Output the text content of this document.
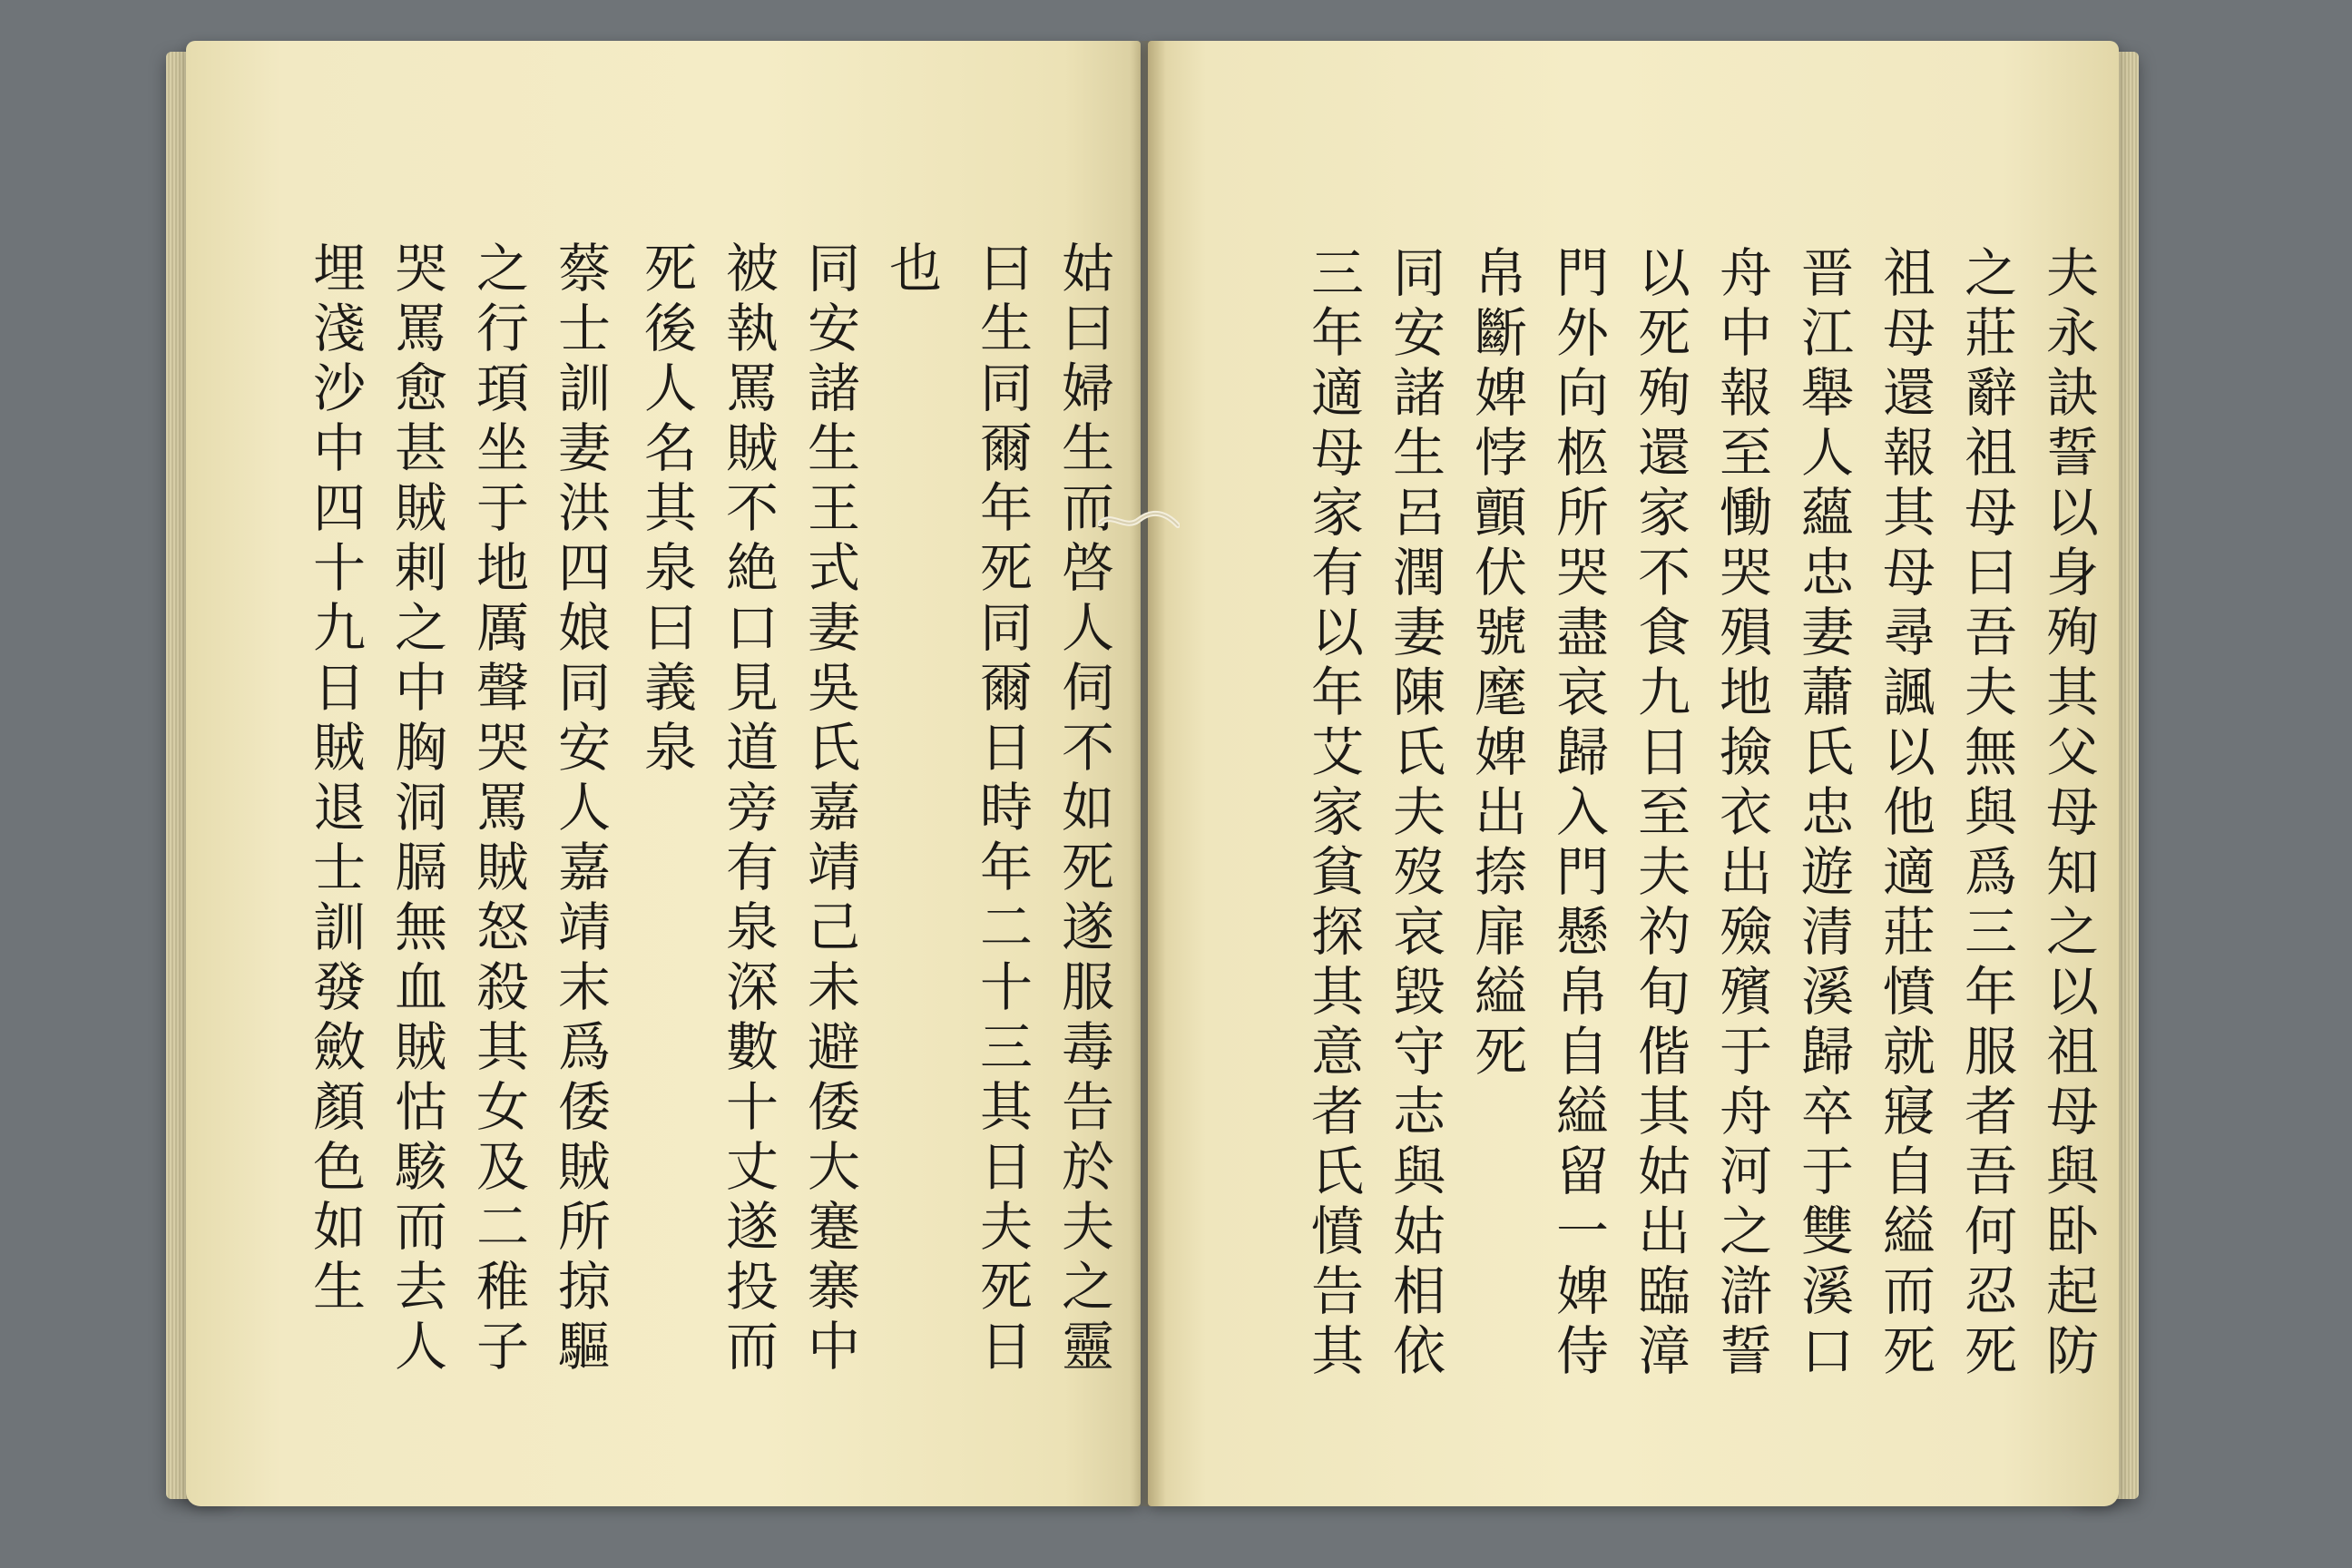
姑曰婦生而啓人伺不如死遂服毒告於夫之靈
曰生同爾年死同爾日時年二十三其日夫死日
也
同安諸生王式妻吳氏嘉靖己未避倭大蹇寨中
被執罵賊不絶口見道旁有泉深數十丈遂投而
死後人名其泉曰義泉
蔡士訓妻洪四娘同安人嘉靖末爲倭賊所掠驅
之行頊坐于地厲聲哭罵賊怒殺其女及二稚子
哭罵愈甚賊剌之中胸洞膈無血賊怙駭而去人
埋淺沙中四十九日賊退士訓發斂顏色如生	夫永訣誓以身殉其父母知之以祖母與卧起防
之莊辭祖母曰吾夫無與爲三年服者吾何忍死
祖母還報其母尋諷以他適莊憤就寢自縊而死
晋江舉人蘊忠妻蕭氏忠遊清溪歸卒于雙溪口
舟中報至慟哭殞地撿衣出殮殯于舟河之滸誓
以死殉還家不食九日至夫礿旬偕其姑出臨漳
門外向柩所哭盡哀歸入門懸帛自縊留一婢侍
帛斷婢悖顫伏號麾婢出捺扉縊死
同安諸生呂潤妻陳氏夫歿哀毀守志與姑相依
三年適母家有以年艾家貧探其意者氏憤告其
